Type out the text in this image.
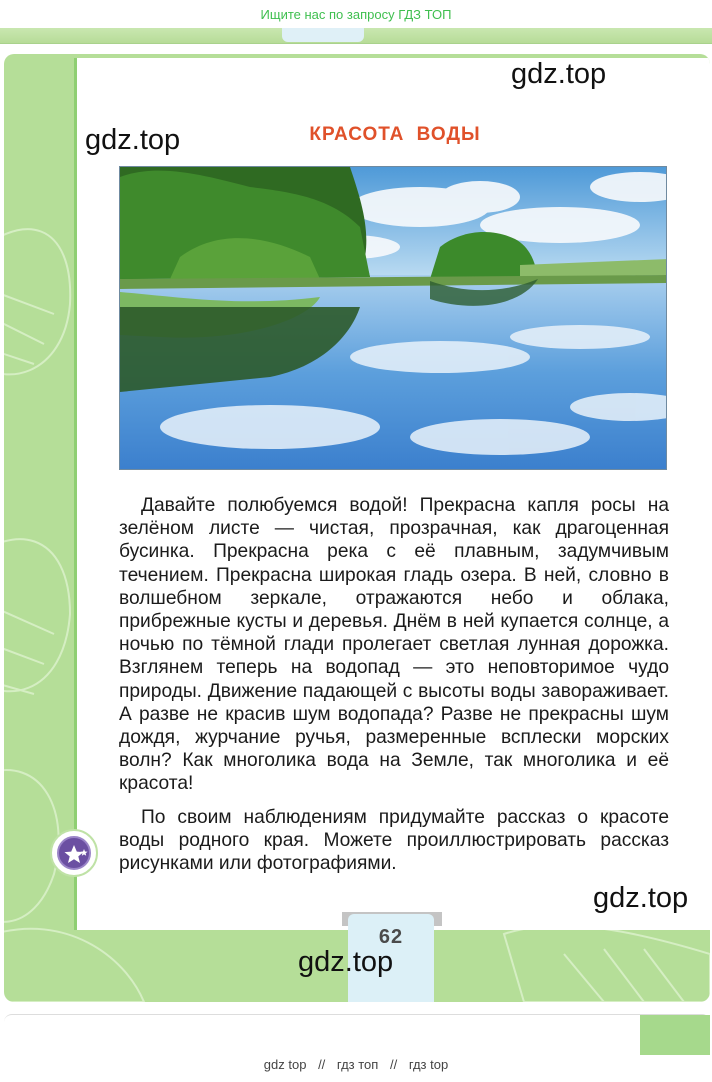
Ищите нас по запросу ГДЗ ТОП
gdz.top
gdz.top	КРАСОТА ВОДЫ

Давайте полюбуемся водой! Прекрасна капля росы на зелёном листе — чистая, прозрачная, как драгоценная бусинка. Прекрасна река с её плавным, задумчивым течением. Прекрасна широкая гладь озера. В ней, словно в волшебном зеркале, отражаются небо и облака, прибрежные кусты и деревья. Днём в ней купается солнце, а ночью по тёмной глади пролегает светлая лунная дорожка. Взглянем теперь на водопад — это неповторимое чудо природы. Движение падающей с высоты воды завораживает. А разве не красив шум водопада? Разве не прекрасны шум дождя, журчание ручья, размеренные всплески морских волн? Как многолика вода на Земле, так многолика и её красота!

По своим наблюдениям придумайте рассказ о красоте воды родного края. Можете проиллюстрировать рассказ рисунками или фотографиями.

gdz.top
62
gdz.top
gdz top // гдз топ // гдз top
